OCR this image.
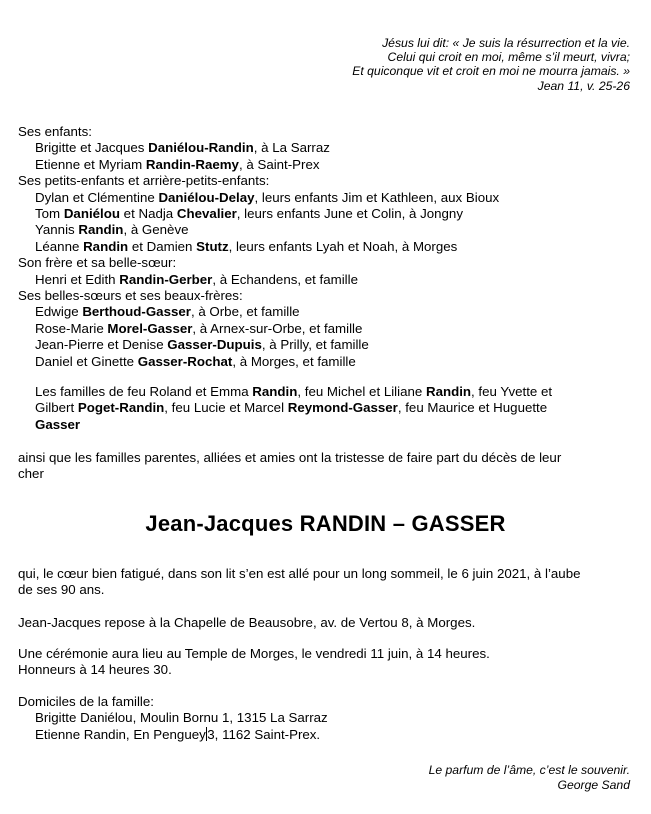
Jésus lui dit: « Je suis la résurrection et la vie.
Celui qui croit en moi, même s’il meurt, vivra;
Et quiconque vit et croit en moi ne mourra jamais. »
Jean 11, v. 25-26
Ses enfants:
Brigitte et Jacques Daniélou-Randin, à La Sarraz
Etienne et Myriam Randin-Raemy, à Saint-Prex
Ses petits-enfants et arrière-petits-enfants:
Dylan et Clémentine Daniélou-Delay, leurs enfants Jim et Kathleen, aux Bioux
Tom Daniélou et Nadja Chevalier, leurs enfants June et Colin, à Jongny
Yannis Randin, à Genève
Léanne Randin et Damien Stutz, leurs enfants Lyah et Noah, à Morges
Son frère et sa belle-sœur:
Henri et Edith Randin-Gerber, à Echandens, et famille
Ses belles-sœurs et ses beaux-frères:
Edwige Berthoud-Gasser, à Orbe, et famille
Rose-Marie Morel-Gasser, à Arnex-sur-Orbe, et famille
Jean-Pierre et Denise Gasser-Dupuis, à Prilly, et famille
Daniel et Ginette Gasser-Rochat, à Morges, et famille
Les familles de feu Roland et Emma Randin, feu Michel et Liliane Randin, feu Yvette et
Gilbert Poget-Randin, feu Lucie et Marcel Reymond-Gasser, feu Maurice et Huguette
Gasser
ainsi que les familles parentes, alliées et amies ont la tristesse de faire part du décès de leur
cher
Jean-Jacques RANDIN – GASSER
qui, le cœur bien fatigué, dans son lit s’en est allé pour un long sommeil, le 6 juin 2021, à l’aube
de ses 90 ans.
Jean-Jacques repose à la Chapelle de Beausobre, av. de Vertou 8, à Morges.
Une cérémonie aura lieu au Temple de Morges, le vendredi 11 juin, à 14 heures.
Honneurs à 14 heures 30.
Domiciles de la famille:
Brigitte Daniélou, Moulin Bornu 1, 1315 La Sarraz
Etienne Randin, En Penguey 3, 1162 Saint-Prex.
Le parfum de l’âme, c’est le souvenir.
George Sand
